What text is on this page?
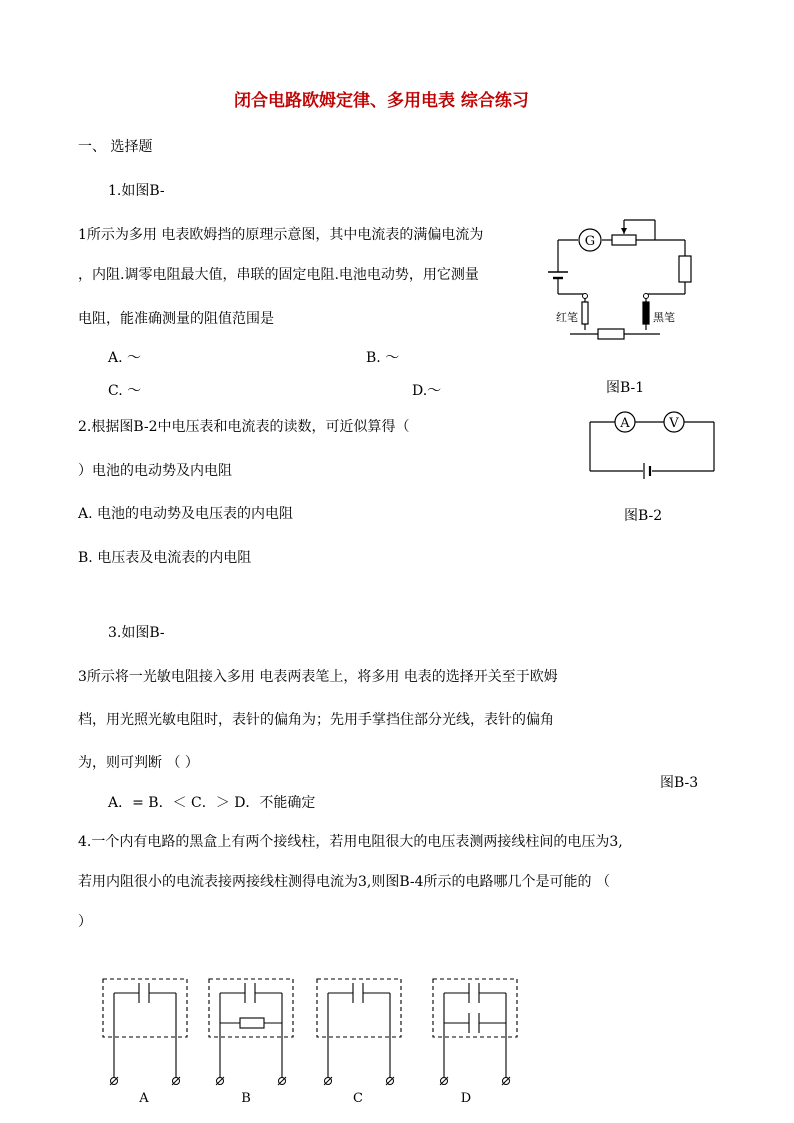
闭合电路欧姆定律、多用电表 综合练习
一、 选择题
1.如图B-
1所示为多用 电表欧姆挡的原理示意图，其中电流表的满偏电流为
，内阻.调零电阻最大值，串联的固定电阻.电池电动势，用它测量
电阻，能准确测量的阻值范围是
A. ～	B. ～
C. ～	D.～	图B-1
G
红笔	黑笔
2.根据图B-2中电压表和电流表的读数，可近似算得（
）电池的电动势及内电阻
A. 电池的电动势及电压表的内电阻
B. 电压表及电流表的内电阻
图B-2
A	V
3.如图B-
3所示将一光敏电阻接入多用 电表两表笔上，将多用 电表的选择开关至于欧姆
档，用光照光敏电阻时，表针的偏角为；先用手掌挡住部分光线，表针的偏角
为，则可判断 （ ）
图B-3
A．= B．＜ C．＞ D．不能确定
4.一个内有电路的黑盒上有两个接线柱，若用电阻很大的电压表测两接线柱间的电压为3,
若用内阻很小的电流表接两接线柱测得电流为3,则图B-4所示的电路哪几个是可能的 （
）
A	B	C	D
